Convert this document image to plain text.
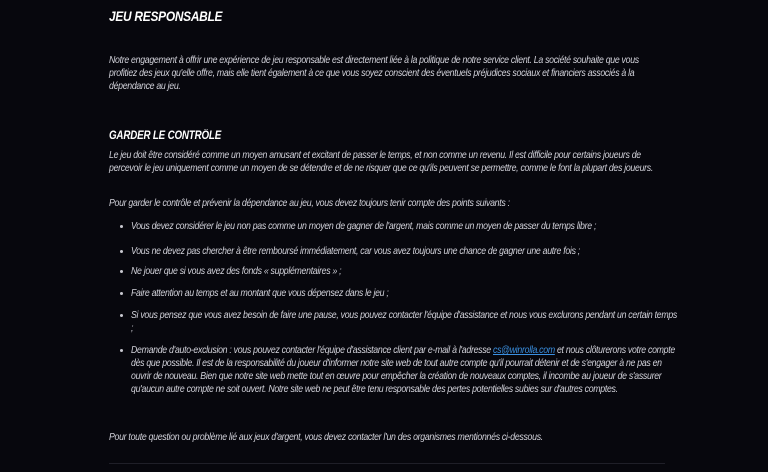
JEU RESPONSABLE

Notre engagement à offrir une expérience de jeu responsable est directement liée à la politique de notre service client. La société souhaite que vous profitiez des jeux qu'elle offre, mais elle tient également à ce que vous soyez conscient des éventuels préjudices sociaux et financiers associés à la dépendance au jeu.

GARDER LE CONTRÔLE

Le jeu doit être considéré comme un moyen amusant et excitant de passer le temps, et non comme un revenu. Il est difficile pour certains joueurs de percevoir le jeu uniquement comme un moyen de se détendre et de ne risquer que ce qu'ils peuvent se permettre, comme le font la plupart des joueurs.

Pour garder le contrôle et prévenir la dépendance au jeu, vous devez toujours tenir compte des points suivants :

Vous devez considérer le jeu non pas comme un moyen de gagner de l'argent, mais comme un moyen de passer du temps libre ;

Vous ne devez pas chercher à être remboursé immédiatement, car vous avez toujours une chance de gagner une autre fois ;

Ne jouer que si vous avez des fonds « supplémentaires » ;

Faire attention au temps et au montant que vous dépensez dans le jeu ;

Si vous pensez que vous avez besoin de faire une pause, vous pouvez contacter l'équipe d'assistance et nous vous exclurons pendant un certain temps ;

Demande d'auto-exclusion : vous pouvez contacter l'équipe d'assistance client par e-mail à l'adresse cs@winrolla.com et nous clôturerons votre compte dès que possible. Il est de la responsabilité du joueur d'informer notre site web de tout autre compte qu'il pourrait détenir et de s'engager à ne pas en ouvrir de nouveau. Bien que notre site web mette tout en œuvre pour empêcher la création de nouveaux comptes, il incombe au joueur de s'assurer qu'aucun autre compte ne soit ouvert. Notre site web ne peut être tenu responsable des pertes potentielles subies sur d'autres comptes.

Pour toute question ou problème lié aux jeux d'argent, vous devez contacter l'un des organismes mentionnés ci-dessous.
